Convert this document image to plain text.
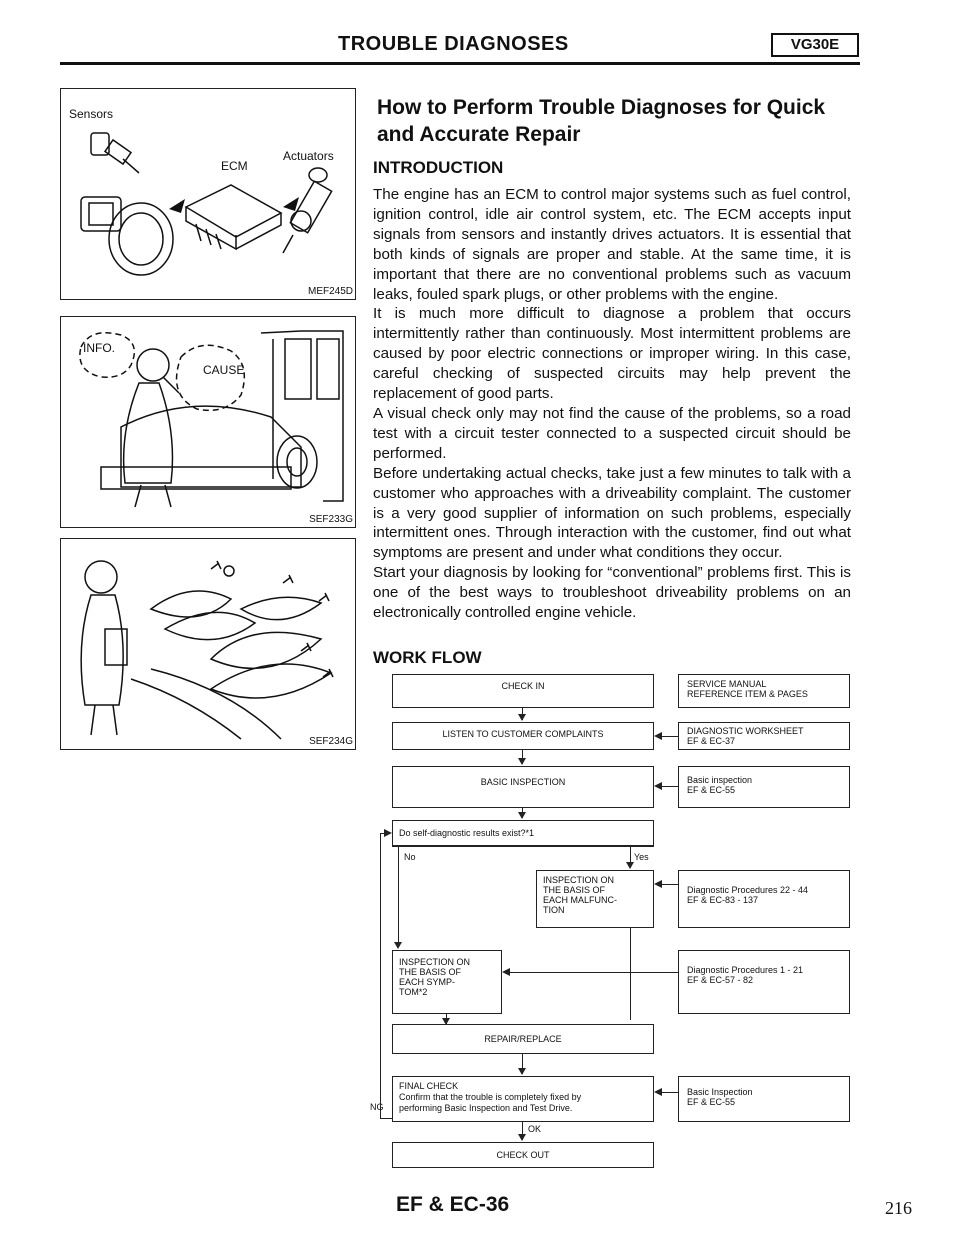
TROUBLE DIAGNOSES	VG30E
Sensors
ECM
Actuators
MEF245D
INFO.
CAUSE
SEF233G
SEF234G
How to Perform Trouble Diagnoses for Quick and Accurate Repair
INTRODUCTION

The engine has an ECM to control major systems such as fuel control, ignition control, idle air control system, etc. The ECM accepts input signals from sensors and instantly drives actuators. It is essential that both kinds of signals are proper and stable. At the same time, it is important that there are no conventional problems such as vacuum leaks, fouled spark plugs, or other problems with the engine.

It is much more difficult to diagnose a problem that occurs intermittently rather than continuously. Most intermittent problems are caused by poor electric connections or improper wiring. In this case, careful checking of suspected circuits may help prevent the replacement of good parts.

A visual check only may not find the cause of the problems, so a road test with a circuit tester connected to a suspected circuit should be performed.

Before undertaking actual checks, take just a few minutes to talk with a customer who approaches with a driveability complaint. The customer is a very good supplier of information on such problems, especially intermittent ones. Through interaction with the customer, find out what symptoms are present and under what conditions they occur.

Start your diagnosis by looking for “conventional” problems first. This is one of the best ways to troubleshoot driveability problems on an electronically controlled engine vehicle.

WORK FLOW
CHECK IN	SERVICE MANUAL
REFERENCE ITEM & PAGES
LISTEN TO CUSTOMER COMPLAINTS	DIAGNOSTIC WORKSHEET
EF & EC-37
BASIC INSPECTION	Basic inspection
EF & EC-55
Do self-diagnostic results exist?*1
No	Yes
INSPECTION ON
THE BASIS OF
EACH MALFUNC-
TION
Diagnostic Procedures 22 - 44
EF & EC-83 - 137
INSPECTION ON
THE BASIS OF
EACH SYMP-
TOM*2
Diagnostic Procedures 1 - 21
EF & EC-57 - 82
REPAIR/REPLACE
FINAL CHECK
Confirm that the trouble is completely fixed by
performing Basic Inspection and Test Drive.
Basic Inspection
EF & EC-55
NG
OK
CHECK OUT
EF & EC-36	216
